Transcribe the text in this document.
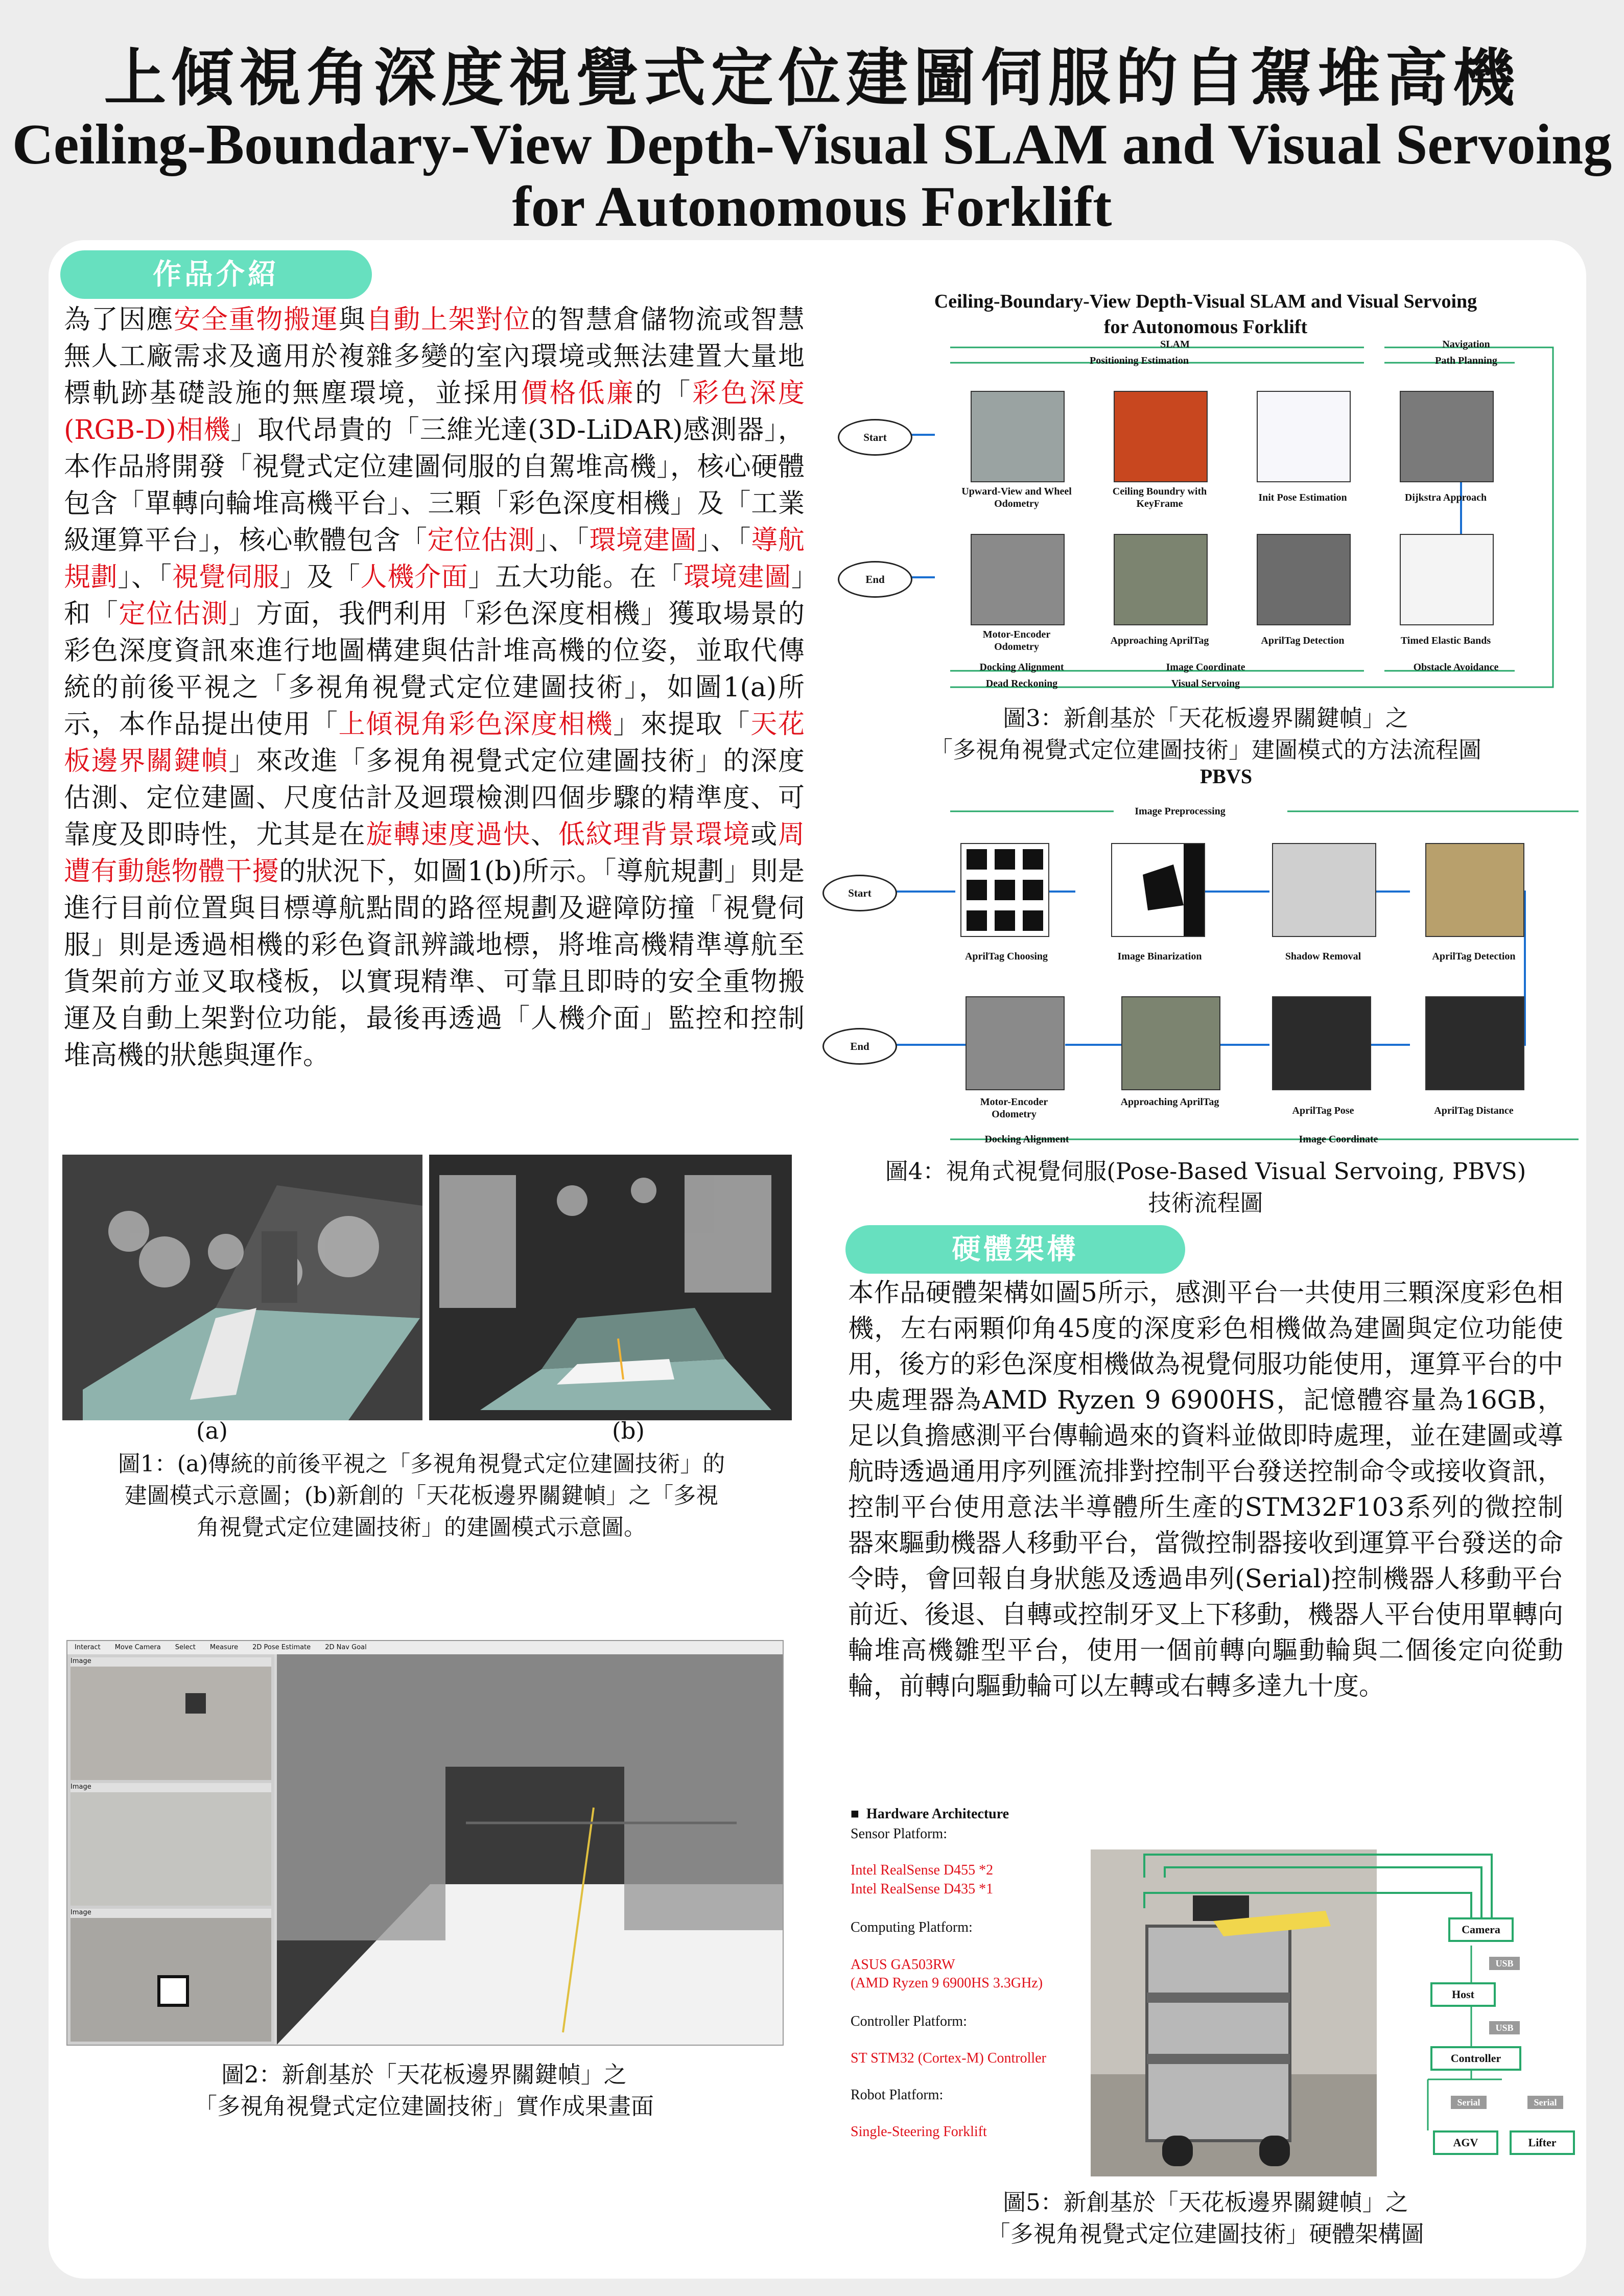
上傾視角深度視覺式定位建圖伺服的自駕堆高機
Ceiling-Boundary-View Depth-Visual SLAM and Visual Servoing
for Autonomous Forklift
作品介紹
為了因應安全重物搬運與自動上架對位的智慧倉儲物流或智慧無人工廠需求及適用於複雜多變的室內環境或無法建置大量地標軌跡基礎設施的無塵環境，並採用價格低廉的「彩色深度(RGB-D)相機」取代昂貴的「三維光達(3D-LiDAR)感測器」，本作品將開發「視覺式定位建圖伺服的自駕堆高機」，核心硬體包含「單轉向輪堆高機平台」、三顆「彩色深度相機」及「工業級運算平台」，核心軟體包含「定位估測」、「環境建圖」、「導航規劃」、「視覺伺服」及「人機介面」五大功能。在「環境建圖」和「定位估測」方面，我們利用「彩色深度相機」獲取場景的彩色深度資訊來進行地圖構建與估計堆高機的位姿，並取代傳統的前後平視之「多視角視覺式定位建圖技術」，如圖1(a)所示，本作品提出使用「上傾視角彩色深度相機」來提取「天花板邊界關鍵幀」來改進「多視角視覺式定位建圖技術」的深度估測、定位建圖、尺度估計及迴環檢測四個步驟的精準度、可靠度及即時性，尤其是在旋轉速度過快、低紋理背景環境或周遭有動態物體干擾的狀況下，如圖1(b)所示。「導航規劃」則是進行目前位置與目標導航點間的路徑規劃及避障防撞「視覺伺服」則是透過相機的彩色資訊辨識地標，將堆高機精準導航至貨架前方並叉取棧板，以實現精準、可靠且即時的安全重物搬運及自動上架對位功能，最後再透過「人機介面」監控和控制堆高機的狀態與運作。
(a)	(b)
圖1：(a)傳統的前後平視之「多視角視覺式定位建圖技術」的建圖模式示意圖；(b)新創的「天花板邊界關鍵幀」之「多視角視覺式定位建圖技術」的建圖模式示意圖。
Interact Move Camera Select Measure 2D Pose Estimate 2D Nav Goal
Image
Image
Image
圖2：新創基於「天花板邊界關鍵幀」之
「多視角視覺式定位建圖技術」實作成果畫面
Ceiling-Boundary-View Depth-Visual SLAM and Visual Servoing
for Autonomous Forklift
SLAM
Positioning Estimation
Navigation
Path Planning
Start
End
Upward-View and Wheel Odometry
Ceiling Boundry with KeyFrame
Init Pose Estimation	Dijkstra Approach
Motor-Encoder Odometry
Approaching AprilTag	AprilTag Detection	Timed Elastic Bands
Docking Alignment	Image Coordinate	Obstacle Avoidance
Dead Reckoning	Visual Servoing
圖3：新創基於「天花板邊界關鍵幀」之
「多視角視覺式定位建圖技術」建圖模式的方法流程圖
PBVS
Image Preprocessing
Start
End
AprilTag Choosing	Image Binarization	Shadow Removal	AprilTag Detection
Motor-Encoder Odometry
Approaching AprilTag
AprilTag Pose	AprilTag Distance
Docking Alignment	Image Coordinate
圖4：視角式視覺伺服(Pose-Based Visual Servoing, PBVS)
技術流程圖
硬體架構
本作品硬體架構如圖5所示，感測平台一共使用三顆深度彩色相機，左右兩顆仰角45度的深度彩色相機做為建圖與定位功能使用，後方的彩色深度相機做為視覺伺服功能使用，運算平台的中央處理器為AMD Ryzen 9 6900HS，記憶體容量為16GB，足以負擔感測平台傳輸過來的資料並做即時處理，並在建圖或導航時透過通用序列匯流排對控制平台發送控制命令或接收資訊，控制平台使用意法半導體所生產的STM32F103系列的微控制器來驅動機器人移動平台，當微控制器接收到運算平台發送的命令時，會回報自身狀態及透過串列(Serial)控制機器人移動平台前近、後退、自轉或控制牙叉上下移動，機器人平台使用單轉向輪堆高機雛型平台，使用一個前轉向驅動輪與二個後定向從動輪，前轉向驅動輪可以左轉或右轉多達九十度。
■  Hardware Architecture
Sensor Platform:
Intel RealSense D455 *2
Intel RealSense D435 *1
Computing Platform:
ASUS GA503RW
(AMD Ryzen 9 6900HS 3.3GHz)
Controller Platform:
ST STM32 (Cortex-M) Controller
Robot Platform:
Single-Steering Forklift
Camera
USB
Host
USB
Controller
Serial	Serial
AGV	Lifter
圖5：新創基於「天花板邊界關鍵幀」之
「多視角視覺式定位建圖技術」硬體架構圖
